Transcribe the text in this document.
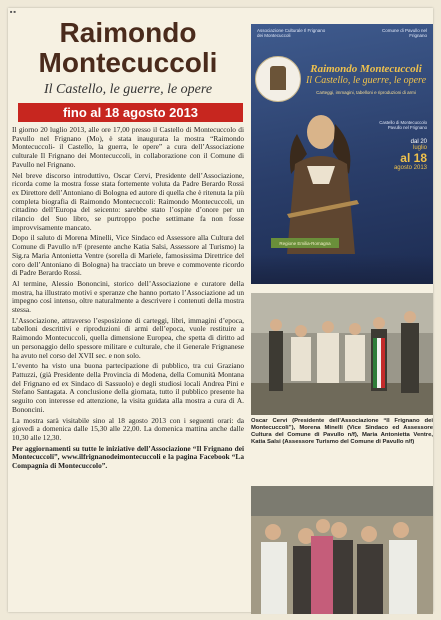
■ ■
Raimondo
Montecuccoli
Il Castello, le guerre, le opere
fino al 18 agosto 2013

Il giorno 20 luglio 2013, alle ore 17,00 presso il Castello di Montecuccolo di Pavullo nel Frignano (Mo), è stata inaugurata la mostra “Raimondo Montecuccoli- il Castello, la guerra, le opere” a cura dell’Associazione culturale Il Frignano dei Montecuccoli, in collaborazione con il Comune di Pavullo nel Frignano.

Nel breve discorso introduttivo, Oscar Cervi, Presidente dell’Associazione, ricorda come la mostra fosse stata fortemente voluta da Padre Berardo Rossi ex Direttore dell’Antoniano di Bologna ed autore di quella che è ritenuta la più completa biografia di Raimondo Montecuccoli: Raimondo Montecuccoli, un cittadino dell’Europa del seicento: sarebbe stato l’ospite d’onore per un rilancio del Suo libro, se purtroppo poche settimane fa non fosse improvvisamente mancato.

Dopo il saluto di Morena Minelli, Vice Sindaco ed Assessore alla Cultura del Comune di Pavullo n/F (presente anche Katia Salsi, Assessore al Turismo) la Sig.ra Maria Antonietta Ventre (sorella di Mariele, famosissima Direttrice del coro dell’Antoniano di Bologna) ha tracciato un breve e commovente ricordo di Padre Berardo Rossi.

Al termine, Alessio Bononcini, storico dell’Associazione e curatore della mostra, ha illustrato motivi e speranze che hanno portato l’Associazione ad un impegno così intenso, oltre naturalmente a descrivere i contenuti della mostra stessa.

L’Associazione, attraverso l’esposizione di carteggi, libri, immagini d’epoca, tabelloni descrittivi e riproduzioni di armi dell’epoca, vuole restituire a Raimondo Montecuccoli, quella dimensione Europea, che spetta di diritto ad un personaggio dello spessore militare e culturale, che il Generale Frignanese ha avuto nel corso del XVII sec. e non solo.

L’evento ha visto una buona partecipazione di pubblico, tra cui Graziano Pattuzzi, (già Presidente della Provincia di Modena, della Comunità Montana del Frignano ed ex Sindaco di Sassuolo) e degli studiosi locali Andrea Pini e Stefano Santagata. A conclusione della giornata, tutto il pubblico presente ha seguito con interesse ed attenzione, la visita guidata alla mostra a cura di A. Bononcini.

La mostra sarà visitabile sino al 18 agosto 2013 con i seguenti orari: da giovedì a domenica dalle 15,30 alle 22,00. La domenica mattina anche dalle 10,30 alle 12,30.

Per aggiornamenti su tutte le iniziative dell’Associazione “Il Frignano dei Montecuccoli”, www.ilfrignanodeimontecuccoli e la pagina Facebook “La Compagnia di Montecuccolo”.

Associazione Culturale Il Frignano dei Montecuccoli
Comune di Pavullo nel Frignano
Raimondo Montecuccoli
Il Castello, le guerre, le opere
Carteggi, immagini, tabelloni e riproduzioni di armi
Castello di Montecuccolo Pavullo nel Frignano
dal 20
luglio
al 18
agosto 2013
Regione Emilia-Romagna
Oscar Cervi (Presidente dell’Associazione “Il Frignano dei Montecuccoli”), Morena Minelli (Vice Sindaco ed Assessore Cultura del Comune di Pavullo n/f), Maria Antonietta Ventre, Katia Salsi (Assessore Turismo del Comune di Pavullo n/f)
